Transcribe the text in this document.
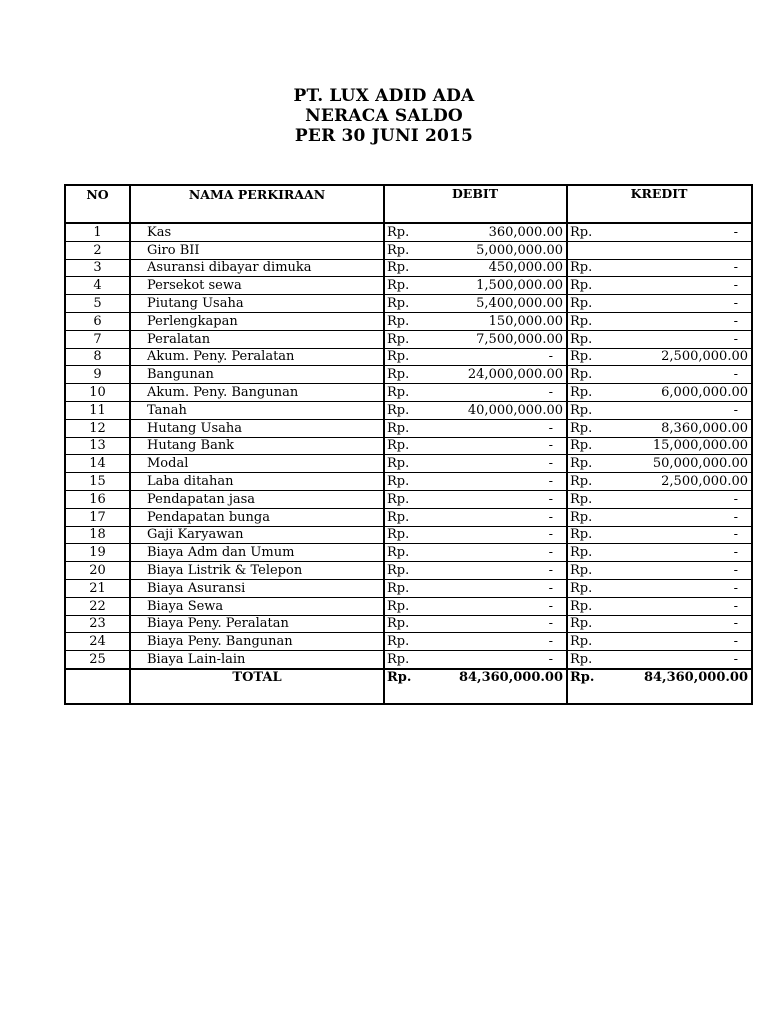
PT. LUX ADID ADA
NERACA SALDO
PER 30 JUNI 2015
NO	NAMA PERKIRAAN	DEBIT	KREDIT
1	Kas	Rp. 360,000.00	Rp. -

2	Giro BII	Rp. 5,000,000.00	

3	Asuransi dibayar dimuka	Rp. 450,000.00	Rp. -

4	Persekot sewa	Rp. 1,500,000.00	Rp. -

5	Piutang Usaha	Rp. 5,400,000.00	Rp. -

6	Perlengkapan	Rp. 150,000.00	Rp. -

7	Peralatan	Rp. 7,500,000.00	Rp. -

8	Akum. Peny. Peralatan	Rp. -	Rp. 2,500,000.00

9	Bangunan	Rp. 24,000,000.00	Rp. -

10	Akum. Peny. Bangunan	Rp. -	Rp. 6,000,000.00

11	Tanah	Rp. 40,000,000.00	Rp. -

12	Hutang Usaha	Rp. -	Rp. 8,360,000.00

13	Hutang Bank	Rp. -	Rp. 15,000,000.00

14	Modal	Rp. -	Rp. 50,000,000.00

15	Laba ditahan	Rp. -	Rp. 2,500,000.00

16	Pendapatan jasa	Rp. -	Rp. -

17	Pendapatan bunga	Rp. -	Rp. -

18	Gaji Karyawan	Rp. -	Rp. -

19	Biaya Adm dan Umum	Rp. -	Rp. -

20	Biaya Listrik & Telepon	Rp. -	Rp. -

21	Biaya Asuransi	Rp. -	Rp. -

22	Biaya Sewa	Rp. -	Rp. -

23	Biaya Peny. Peralatan	Rp. -	Rp. -

24	Biaya Peny. Bangunan	Rp. -	Rp. -

25	Biaya Lain-lain	Rp. -	Rp. -

	TOTAL	Rp. 84,360,000.00	Rp. 84,360,000.00
